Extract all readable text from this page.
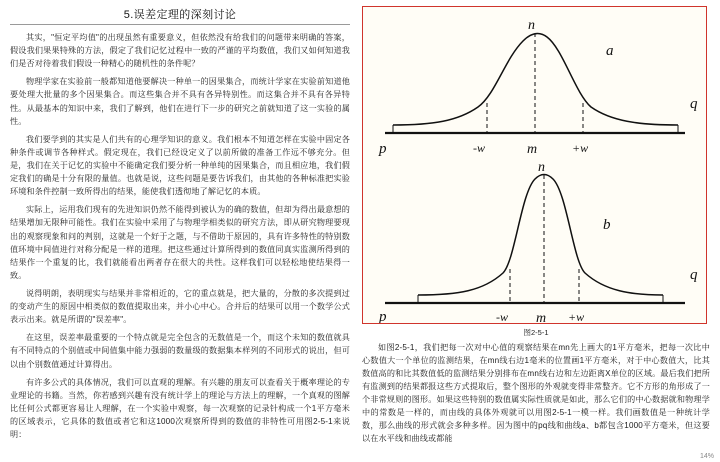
5.误差定理的深刻讨论

其实，"恒定平均值"的出现虽然有重要意义，但依然没有给我们的问题带来明确的答案，假设我们果果特殊的方法，假定了我们记忆过程中一致的严谨的平均数值，我们又如何知道我们是否对待着我们假设一种精心的随机性的条件呢？

物理学家在实验前一般都知道他要解决一种单一的因果集合，而统计学家在实验前知道他要处理大批量的多个因果集合。而这些集合并不具有各异特别性。而这集合并不具有各异特性。从最基本的知识中来，我们了解到，他们在进行下一步的研究之前就知道了这一实验的属性。

我们要学到的其实是人们共有的心理学知识的意义。我们根本不知道怎样在实验中固定各种条件或调节各种样式。假定现在，我们已经设定义了以前所做的准备工作远不够充分。但是，我们在关于记忆的实验中不能确定我们要分析一种单纯的因果集合，而且相应地，我们假定我们的确是十分有限的量值。也就是说，这些问题是要告诉我们，由其他的各种标准把实验环境和条件控制一致所得出的结果，能使我们透彻地了解记忆的本质。

实际上，运用我们现有的先进知识仍然不能得到被认为的确的数值，但却为得出最意想的结果增加无限种可能性。我们在实验中采用了与物理学相类似的研究方法，即从研究物理要现出的观察现象和问的判别，这就是一个好于之题，与不借助于原因的，具有许多特性的特别数值环境中间值进行对称分配是一样的道理。把这些通过计算所得到的数值同真实监测所得到的结果作一个重复的比，我们就能看出两者存在很大的共性。这样我们可以轻松地使结果得一致。

说得明朗，表明现实与结果并非常相近的，它的重点就是，把大量的，分散的多次提到过的变动产生的原因中相类似的数值提取出来，并小心中心。合并后的结果可以用一个数学公式表示出来。就是所谓的"误差率"。

在这里，误差率最重要的一个特点就是完全包含的无数值是一个，而这个未知的数值就具有不同特点的个别值或中间值集中能力强弱的数量级的数据集本样列的不同形式的说出，但可以由个别数值通过计算得出。

有许多公式的具体情况，我们可以直观的理解。有兴趣的朋友可以查看关于概率理论的专业理论的书籍。当然，你若感到兴趣有没有统计学上的理论与方法上的理解，一个真观的图解比任何公式都更容易让人理解，在一个实验中观察，每一次观察的记录针构成一个1平方毫米的区域表示，它具体的数值或者它和这1000次观察所得到的数值的非特性可用图2-5-1来说明：

n
a
q
p	-w	m	+w
n
b
q
p	-w m +w
图2-5-1

如图2-5-1，我们把每一次对中心值的观察结果在mn先上画大的1平方毫米，把每一次比中心数值大一个单位的监测结果，在mn线右边1毫米的位置画1平方毫米，对于中心数值大，比其数值高的和比其数值低的监测结果分别排布在mn线右边和左边距离X单位的区域。最后我们把所有监测到的结果都报这些方式提取后，整个图形的外观就变得非常整齐。它不方形的角形成了一个非常规则的图形。如果这些特别的数值属实际性质就是如此，那么它们的中心数据就和物理学中的常数是一样的，而由线的具体外观就可以用图2-5-1一模一样。我们画数值是一种统计学数，那么曲线的形式就会多种多样。因为图中的pq线和曲线a、b都包含1000平方毫米，但这要以在水平线和曲线或都能

14%
